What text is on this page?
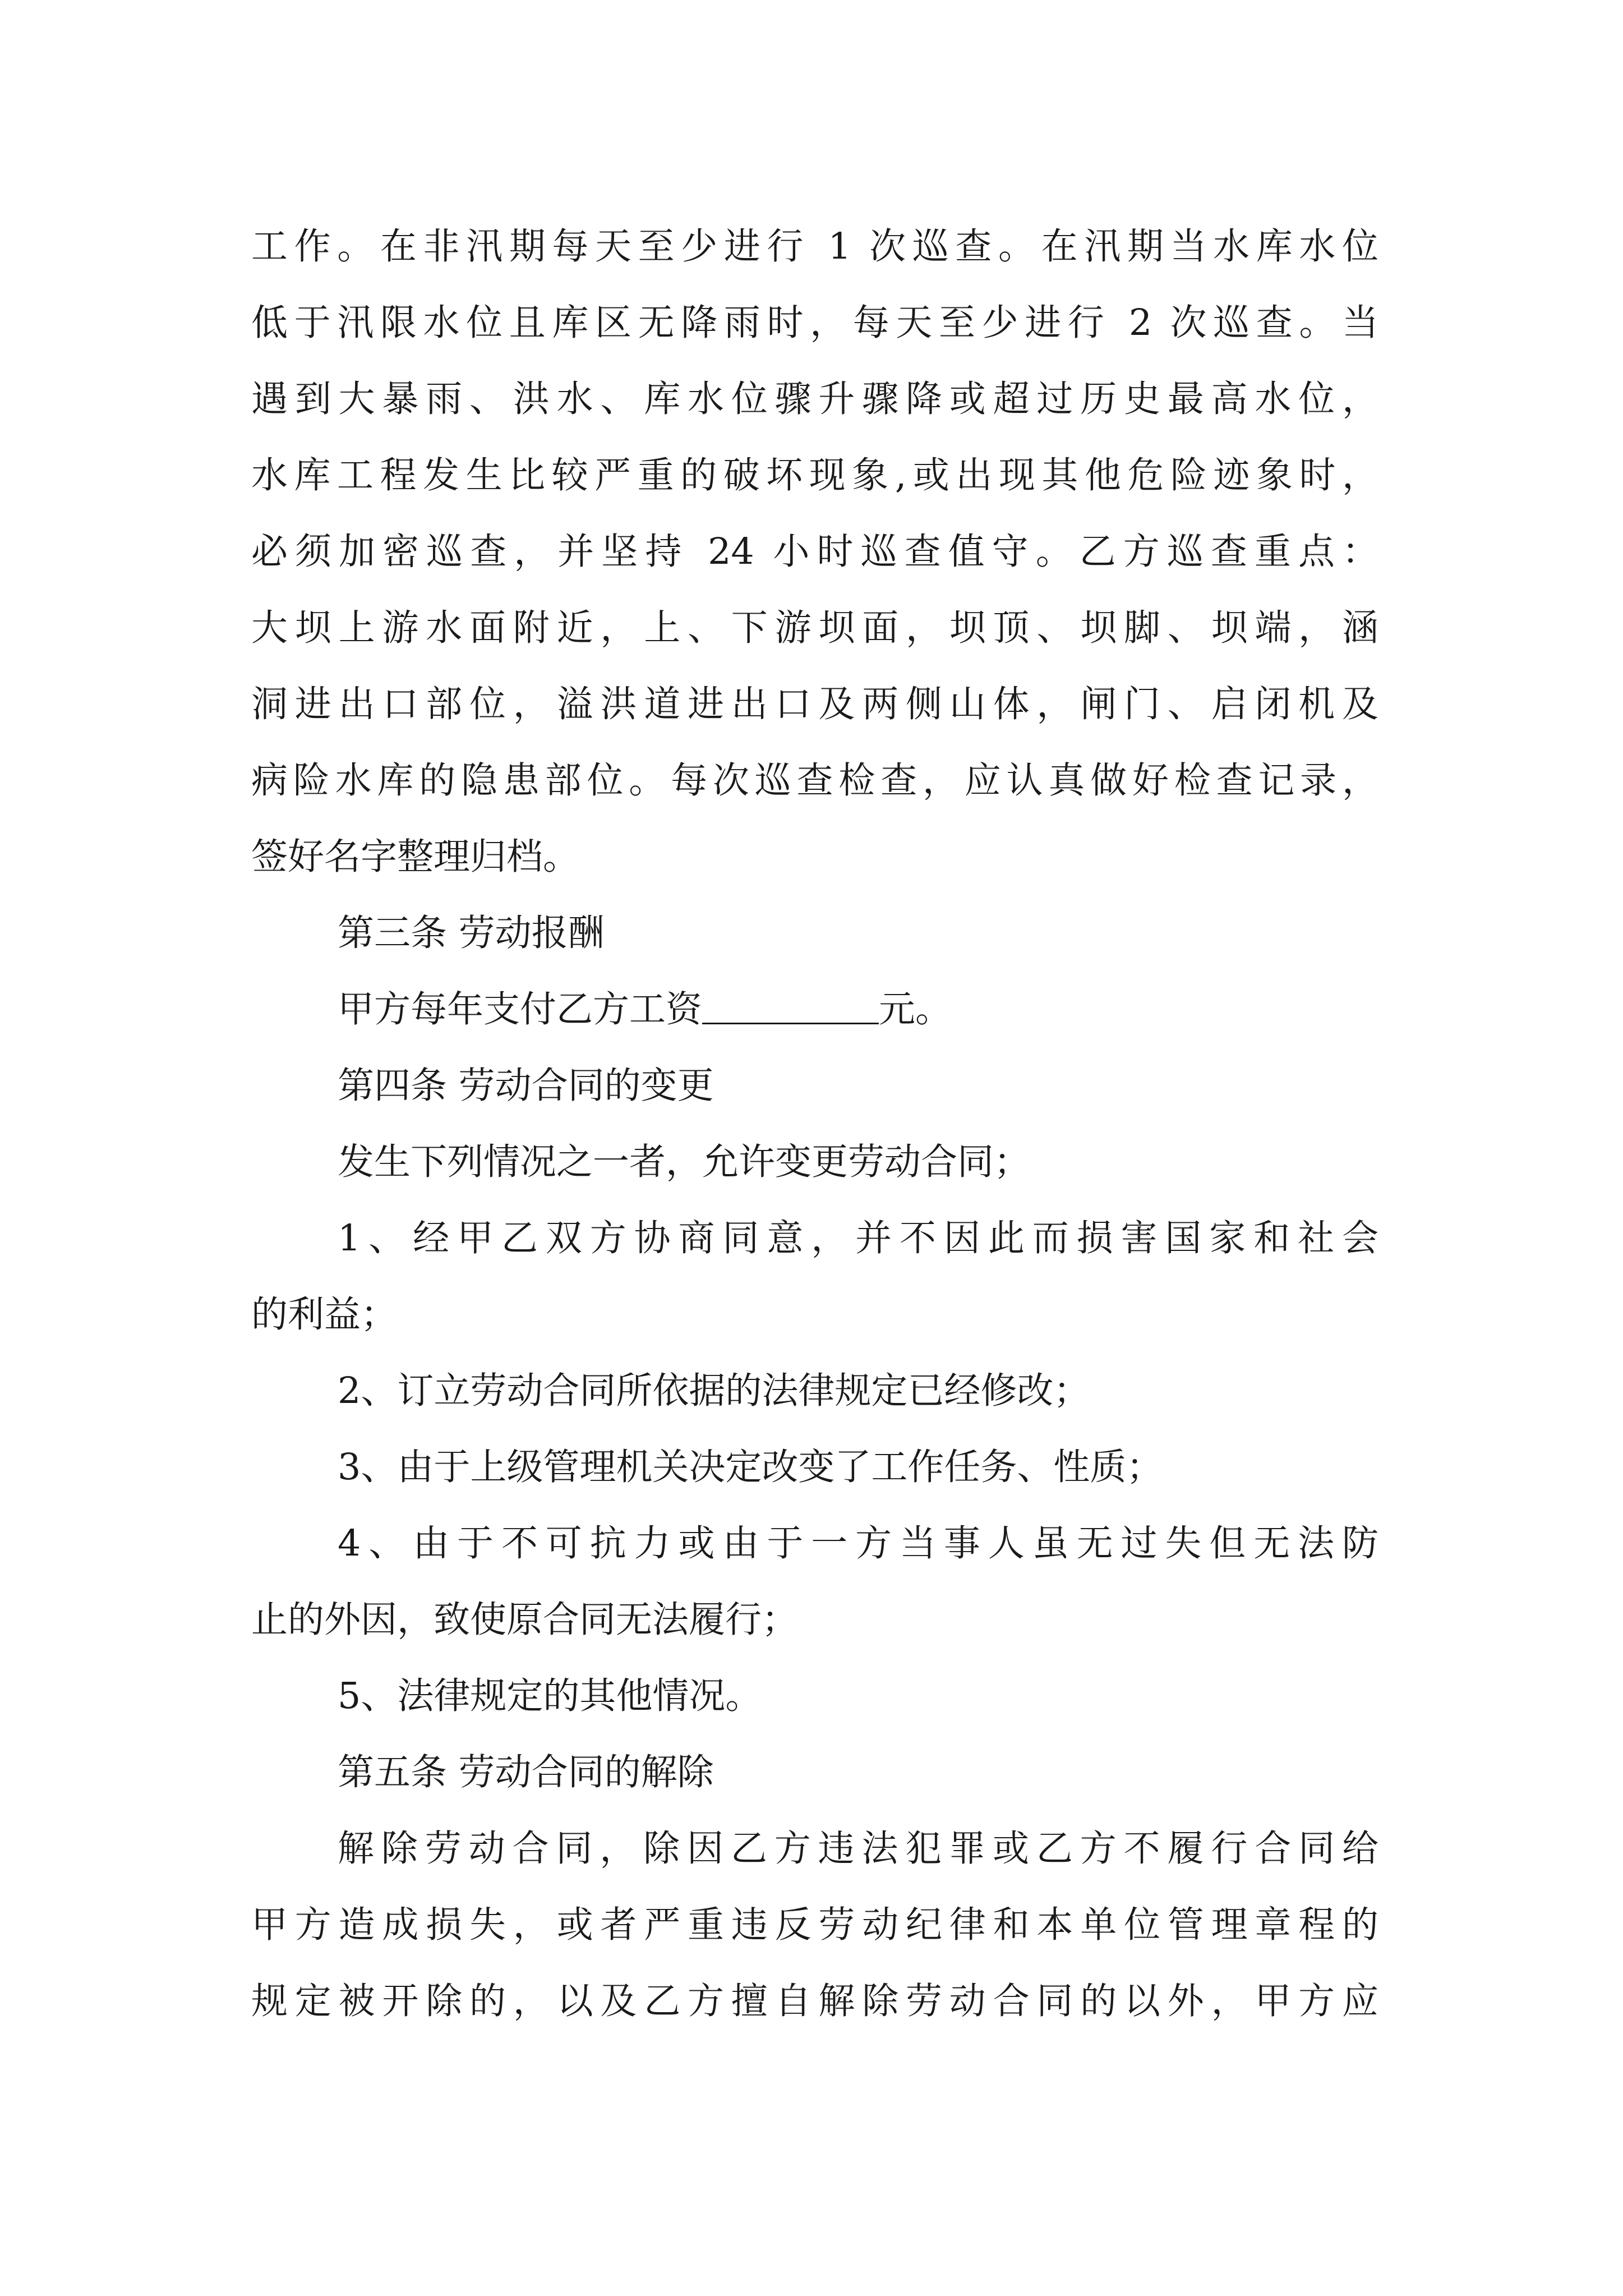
工作。在非汛期每天至少进行 1 次巡查。在汛期当水库水位

低于汛限水位且库区无降雨时，每天至少进行 2 次巡查。当

遇到大暴雨、洪水、库水位骤升骤降或超过历史最高水位，

水库工程发生比较严重的破坏现象,或出现其他危险迹象时，

必须加密巡查，并坚持 24 小时巡查值守。乙方巡查重点：

大坝上游水面附近，上、下游坝面，坝顶、坝脚、坝端，涵

洞进出口部位，溢洪道进出口及两侧山体，闸门、启闭机及

病险水库的隐患部位。每次巡查检查，应认真做好检查记录，

签好名字整理归档。

第三条 劳动报酬

甲方每年支付乙方工资	元。

第四条 劳动合同的变更

发生下列情况之一者，允许变更劳动合同；

1、经甲乙双方协商同意，并不因此而损害国家和社会

的利益；

2、订立劳动合同所依据的法律规定已经修改；

3、由于上级管理机关决定改变了工作任务、性质；

4、由于不可抗力或由于一方当事人虽无过失但无法防

止的外因，致使原合同无法履行；

5、法律规定的其他情况。

第五条 劳动合同的解除

解除劳动合同，除因乙方违法犯罪或乙方不履行合同给

甲方造成损失，或者严重违反劳动纪律和本单位管理章程的

规定被开除的，以及乙方擅自解除劳动合同的以外，甲方应
